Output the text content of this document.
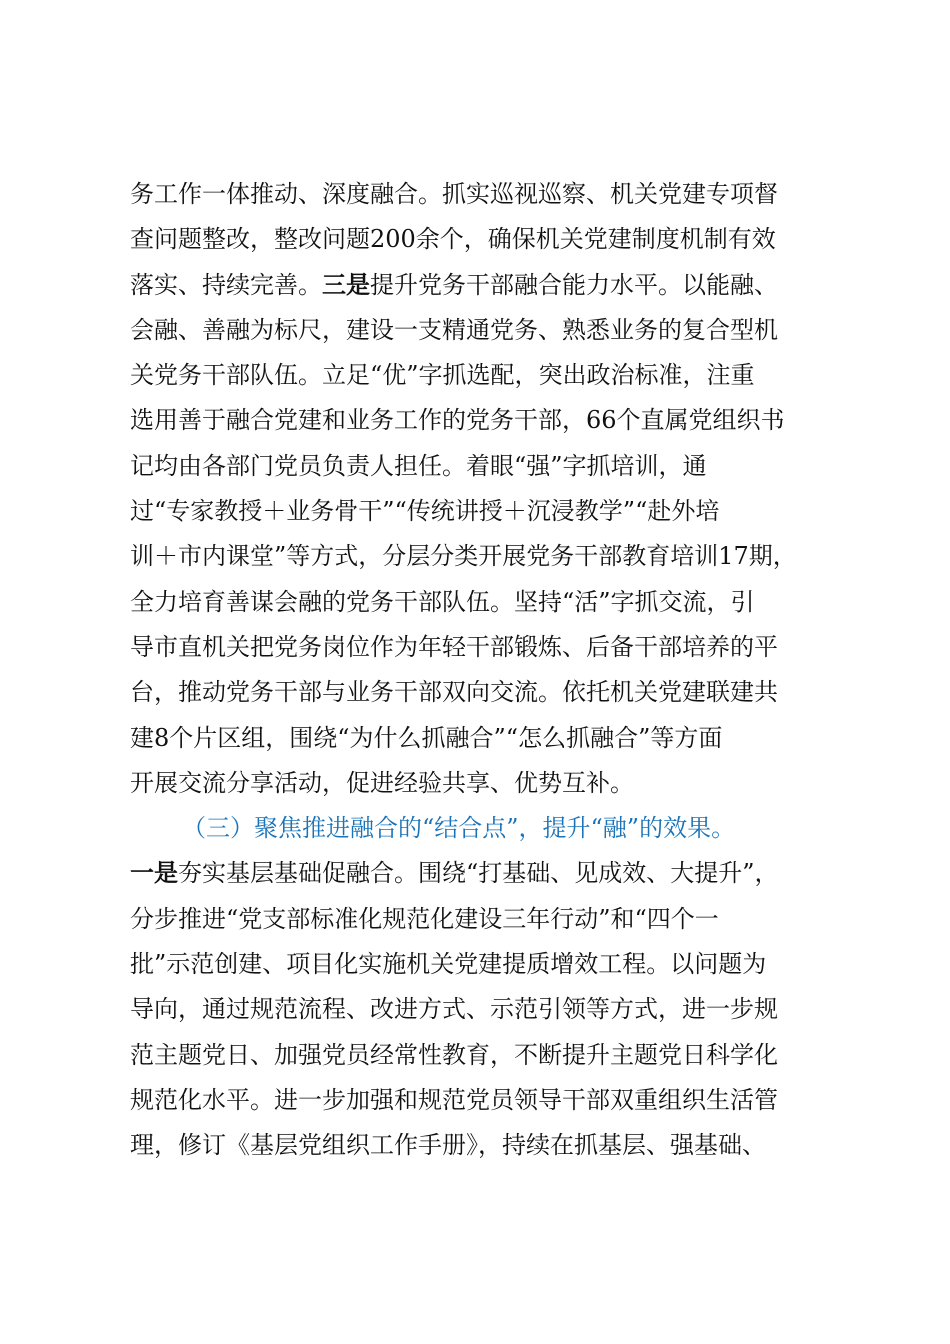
务工作一体推动、深度融合。抓实巡视巡察、机关党建专项督
查问题整改，整改问题200余个，确保机关党建制度机制有效
落实、持续完善。三是提升党务干部融合能力水平。以能融、
会融、善融为标尺，建设一支精通党务、熟悉业务的复合型机
关党务干部队伍。立足“优”字抓选配，突出政治标准，注重
选用善于融合党建和业务工作的党务干部，66个直属党组织书
记均由各部门党员负责人担任。着眼“强”字抓培训，通
过“专家教授＋业务骨干”“传统讲授＋沉浸教学”“赴外培
训＋市内课堂”等方式，分层分类开展党务干部教育培训17期，
全力培育善谋会融的党务干部队伍。坚持“活”字抓交流，引
导市直机关把党务岗位作为年轻干部锻炼、后备干部培养的平
台，推动党务干部与业务干部双向交流。依托机关党建联建共
建8个片区组，围绕“为什么抓融合”“怎么抓融合”等方面
开展交流分享活动，促进经验共享、优势互补。
（三）聚焦推进融合的“结合点”，提升“融”的效果。
一是夯实基层基础促融合。围绕“打基础、见成效、大提升”，
分步推进“党支部标准化规范化建设三年行动”和“四个一
批”示范创建、项目化实施机关党建提质增效工程。以问题为
导向，通过规范流程、改进方式、示范引领等方式，进一步规
范主题党日、加强党员经常性教育，不断提升主题党日科学化
规范化水平。进一步加强和规范党员领导干部双重组织生活管
理，修订《基层党组织工作手册》，持续在抓基层、强基础、
